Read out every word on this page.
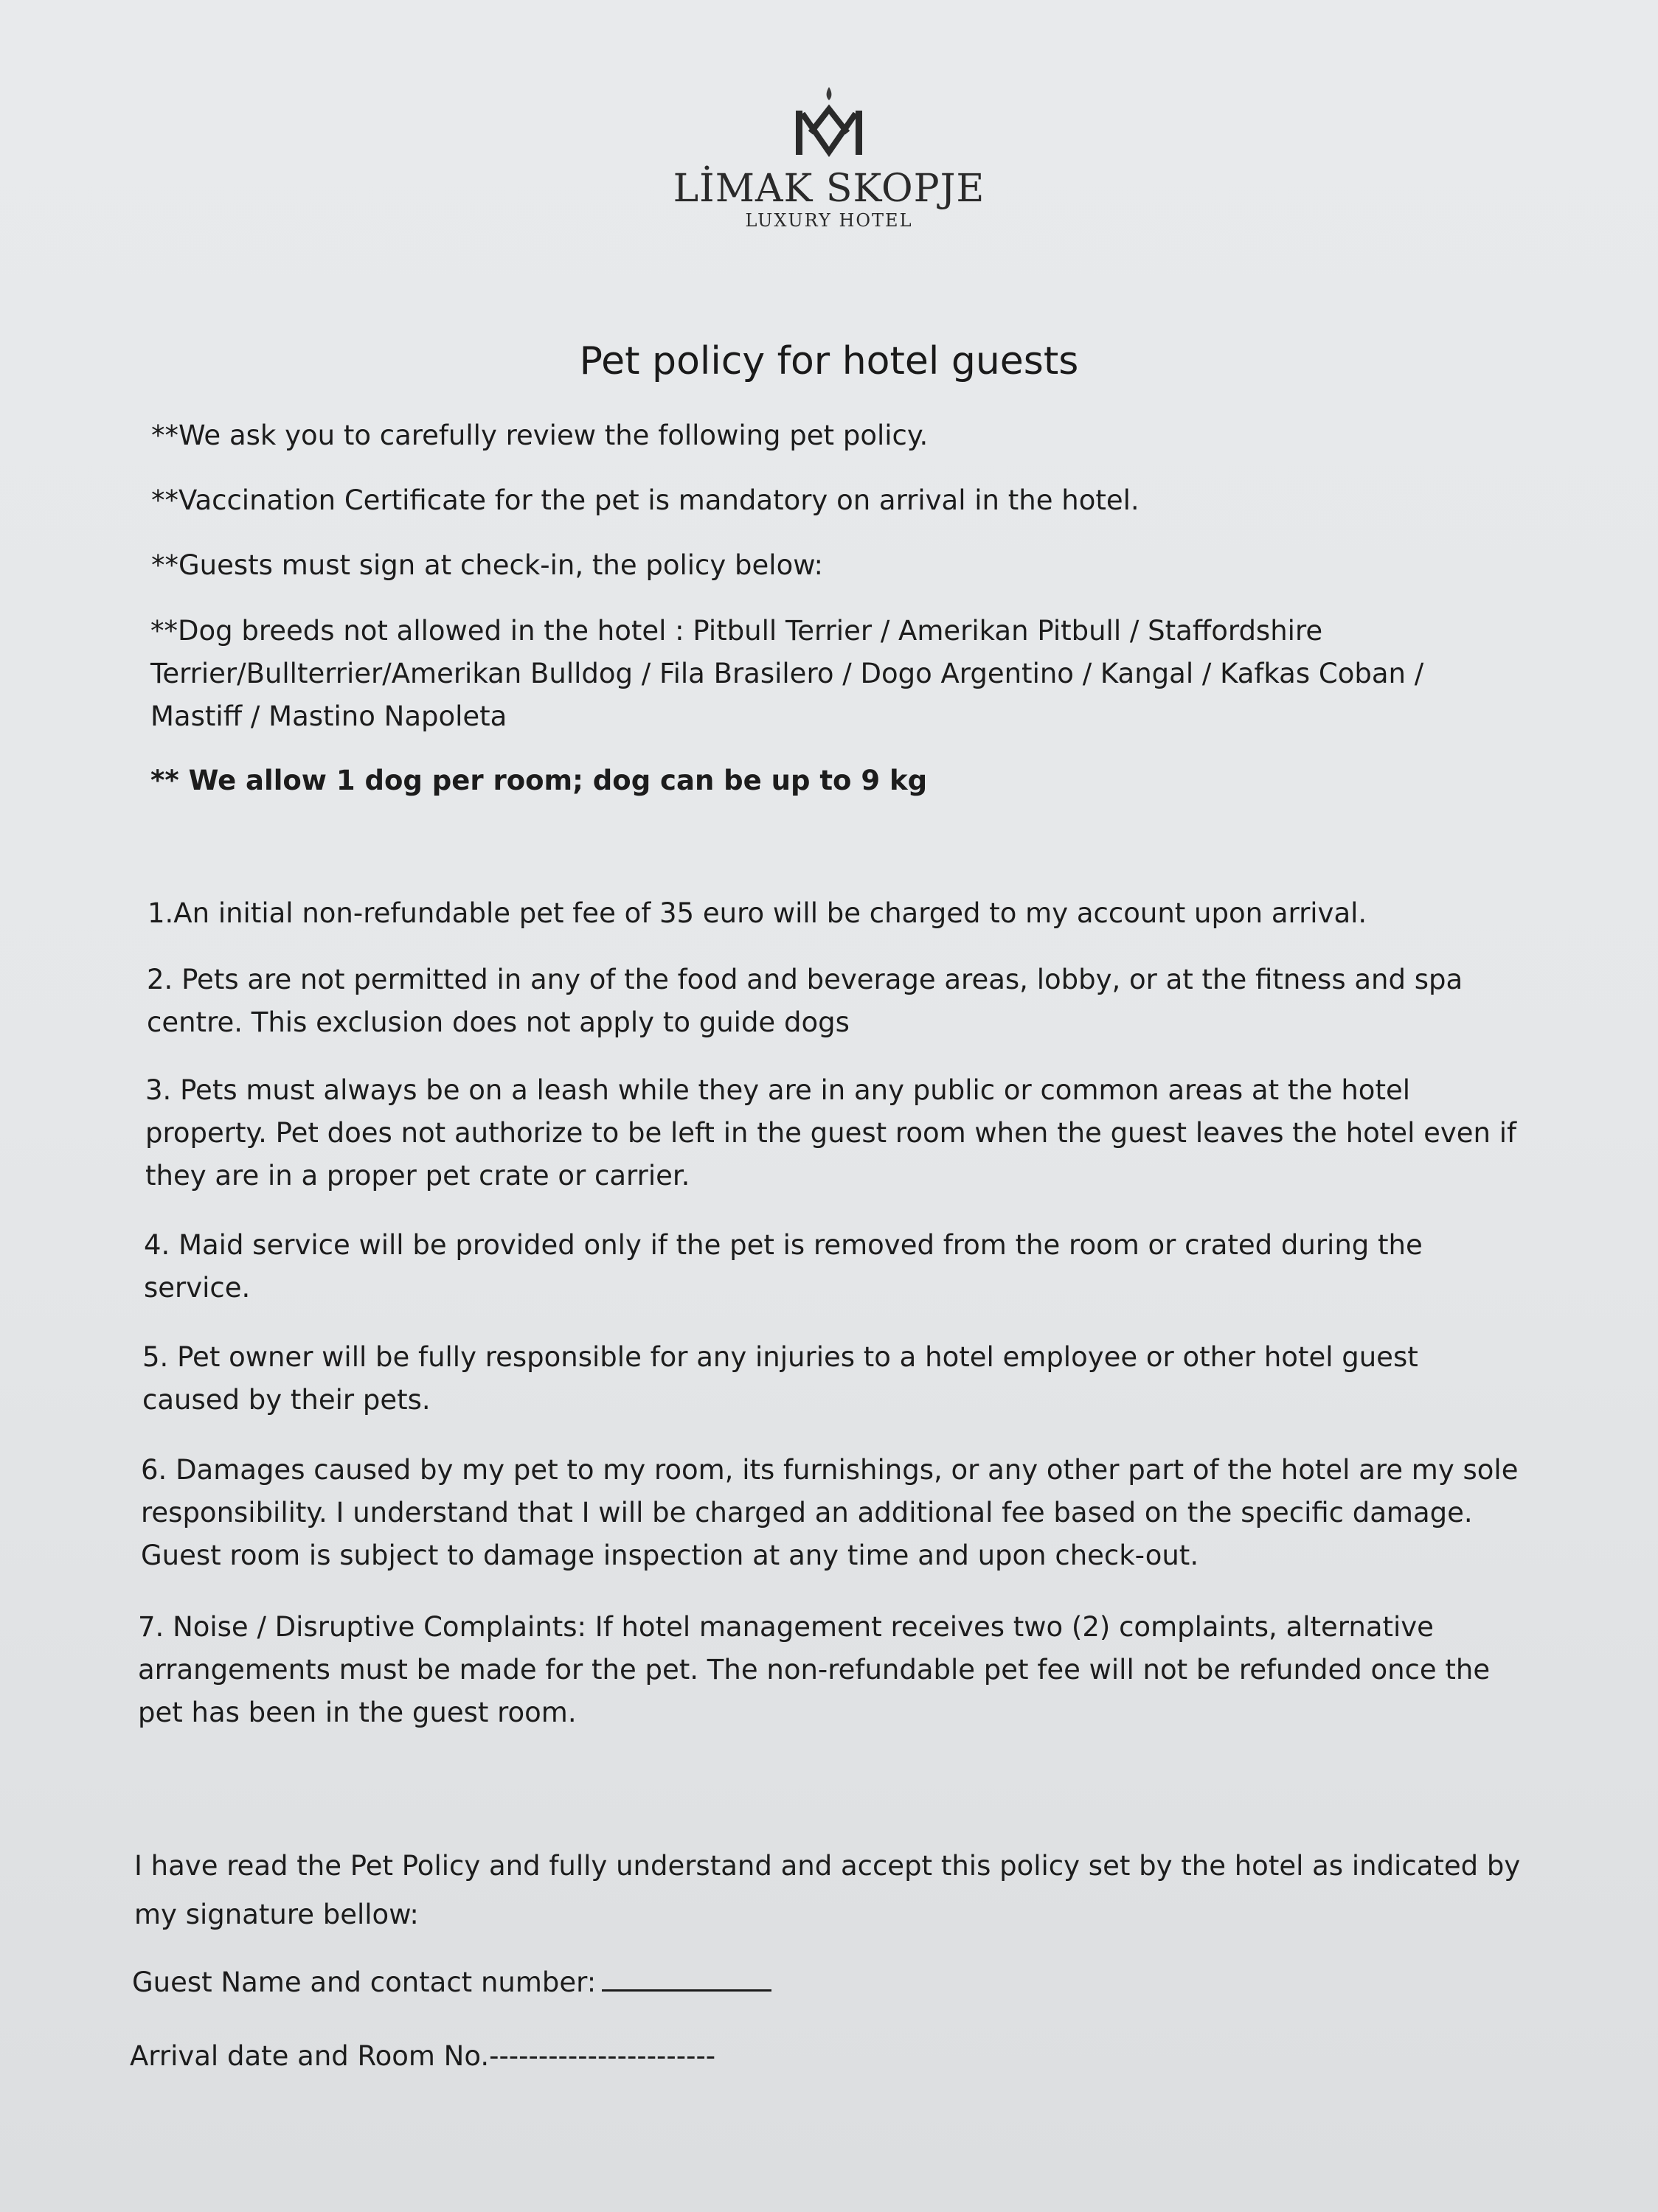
LİMAK SKOPJE
LUXURY HOTEL
Pet policy for hotel guests
**We ask you to carefully review the following pet policy.
**Vaccination Certificate for the pet is mandatory on arrival in the hotel.
**Guests must sign at check-in, the policy below:
**Dog breeds not allowed in the hotel : Pitbull Terrier / Amerikan Pitbull / Staffordshire
Terrier/Bullterrier/Amerikan Bulldog / Fila Brasilero / Dogo Argentino / Kangal / Kafkas Coban /
Mastiff / Mastino Napoleta
** We allow 1 dog per room; dog can be up to 9 kg
1.An initial non-refundable pet fee of 35 euro will be charged to my account upon arrival.
2. Pets are not permitted in any of the food and beverage areas, lobby, or at the fitness and spa
centre. This exclusion does not apply to guide dogs
3. Pets must always be on a leash while they are in any public or common areas at the hotel
property. Pet does not authorize to be left in the guest room when the guest leaves the hotel even if
they are in a proper pet crate or carrier.
4. Maid service will be provided only if the pet is removed from the room or crated during the
service.
5. Pet owner will be fully responsible for any injuries to a hotel employee or other hotel guest
caused by their pets.
6. Damages caused by my pet to my room, its furnishings, or any other part of the hotel are my sole
responsibility. I understand that I will be charged an additional fee based on the specific damage.
Guest room is subject to damage inspection at any time and upon check-out.
7. Noise / Disruptive Complaints: If hotel management receives two (2) complaints, alternative
arrangements must be made for the pet. The non-refundable pet fee will not be refunded once the
pet has been in the guest room.
I have read the Pet Policy and fully understand and accept this policy set by the hotel as indicated by
my signature bellow:
Guest Name and contact number:
Arrival date and Room No.-----------------------
